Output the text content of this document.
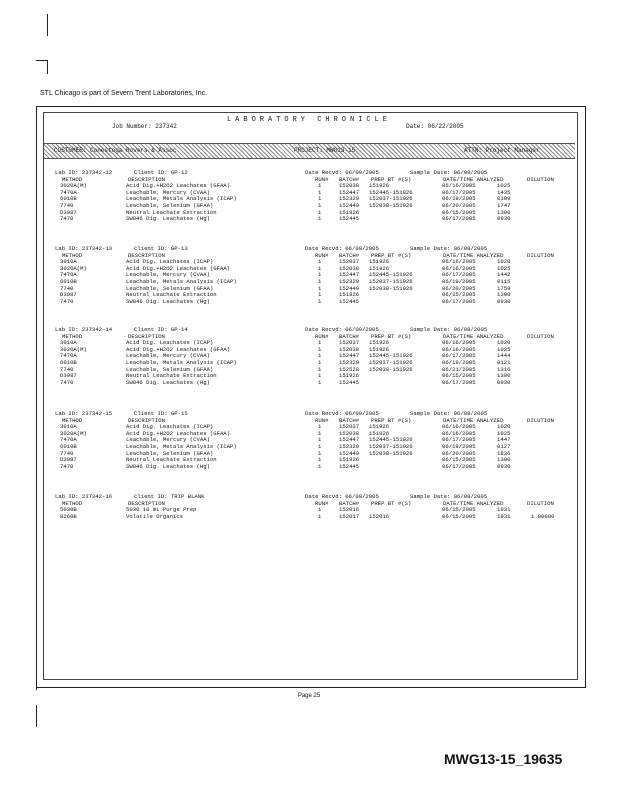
STL Chicago is part of Severn Trent Laboratories, Inc.
LABORATORY CHRONICLE
Job Number: 237342	Date: 06/22/2005
CUSTOMER: Conestoga Rovers & Assoc.	PROJECT: MWG13-15	ATTN: Project Manager
Lab ID: 237342-12	Client ID: GP-12	Date Recvd: 06/09/2005	Sample Date: 06/08/2005
METHOD	DESCRIPTION	RUN# BATCH# PREP BT #(S)	DATE/TIME ANALYZED	DILUTION
3020A(M)	Acid Dig.+H2O2 Leachates (GFAA)	1	152038 151926	06/16/2005	1025
7470A	Leachable, Mercury (CVAA)	1	152447 152445-151926	06/17/2005	1435
6010B	Leachable, Metals Analysis (ICAP)	1	152329 152037-151926	06/19/2005	0109
7740	Leachable, Selenium (GFAA)	1	152449 152038-151926	06/20/2005	1747
D3987	Neutral Leachate Extraction	1	151926	06/15/2005	1300
7470	SW846 Dig. Leachates (Hg)	1	152445	06/17/2005	0930
Lab ID: 237342-13	Client ID: GP-13	Date Recvd: 06/09/2005	Sample Date: 06/08/2005
METHOD	DESCRIPTION	RUN# BATCH# PREP BT #(S)	DATE/TIME ANALYZED	DILUTION
3010A	Acid Dig. Leachates (ICAP)	1	152037 151926	06/16/2005	1020
3020A(M)	Acid Dig.+H2O2 Leachates (GFAA)	1	152038 151926	06/16/2005	1025
7470A	Leachable, Mercury (CVAA)	1	152447 152445-151926	06/17/2005	1442
6010B	Leachable, Metals Analysis (ICAP)	1	152329 152037-151926	06/19/2005	0115
7740	Leachable, Selenium (GFAA)	1	152449 152038-151926	06/20/2005	1759
D3987	Neutral Leachate Extraction	1	151926	06/15/2005	1300
7470	SW846 Dig. Leachates (Hg)	1	152445	06/17/2005	0930
Lab ID: 237342-14	Client ID: GP-14	Date Recvd: 06/09/2005	Sample Date: 06/08/2005
METHOD	DESCRIPTION	RUN# BATCH# PREP BT #(S)	DATE/TIME ANALYZED	DILUTION
3010A	Acid Dig. Leachates (ICAP)	1	152037 151926	06/16/2005	1020
3020A(M)	Acid Dig.+H2O2 Leachates (GFAA)	1	152038 151926	06/16/2005	1025
7470A	Leachable, Mercury (CVAA)	1	152447 152445-151926	06/17/2005	1444
6010B	Leachable, Metals Analysis (ICAP)	1	152329 152037-151926	06/19/2005	0121
7740	Leachable, Selenium (GFAA)	1	152528 152038-151926	06/21/2005	1316
D3987	Neutral Leachate Extraction	1	151926	06/15/2005	1300
7470	SW846 Dig. Leachates (Hg)	1	152445	06/17/2005	0930
Lab ID: 237342-15	Client ID: GP-15	Date Recvd: 06/09/2005	Sample Date: 06/08/2005
METHOD	DESCRIPTION	RUN# BATCH# PREP BT #(S)	DATE/TIME ANALYZED	DILUTION
3010A	Acid Dig. Leachates (ICAP)	1	152037 151926	06/16/2005	1020
3020A(M)	Acid Dig.+H2O2 Leachates (GFAA)	1	152038 151926	06/16/2005	1025
7470A	Leachable, Mercury (CVAA)	1	152447 152445-151926	06/17/2005	1447
6010B	Leachable, Metals Analysis (ICAP)	1	152329 152037-151926	06/19/2005	0127
7740	Leachable, Selenium (GFAA)	1	152449 152038-151926	06/20/2005	1836
D3987	Neutral Leachate Extraction	1	151926	06/15/2005	1300
7470	SW846 Dig. Leachates (Hg)	1	152445	06/17/2005	0930
Lab ID: 237342-16	Client ID: TRIP BLANK	Date Recvd: 06/09/2005	Sample Date: 06/08/2005
METHOD	DESCRIPTION	RUN# BATCH# PREP BT #(S)	DATE/TIME ANALYZED	DILUTION
5030B	5030 10 mL Purge Prep	1	152016	06/15/2005	1931
8260B	Volatile Organics	1	152017 152016	06/15/2005	1931	1.00000
Page 25
MWG13-15_19635
